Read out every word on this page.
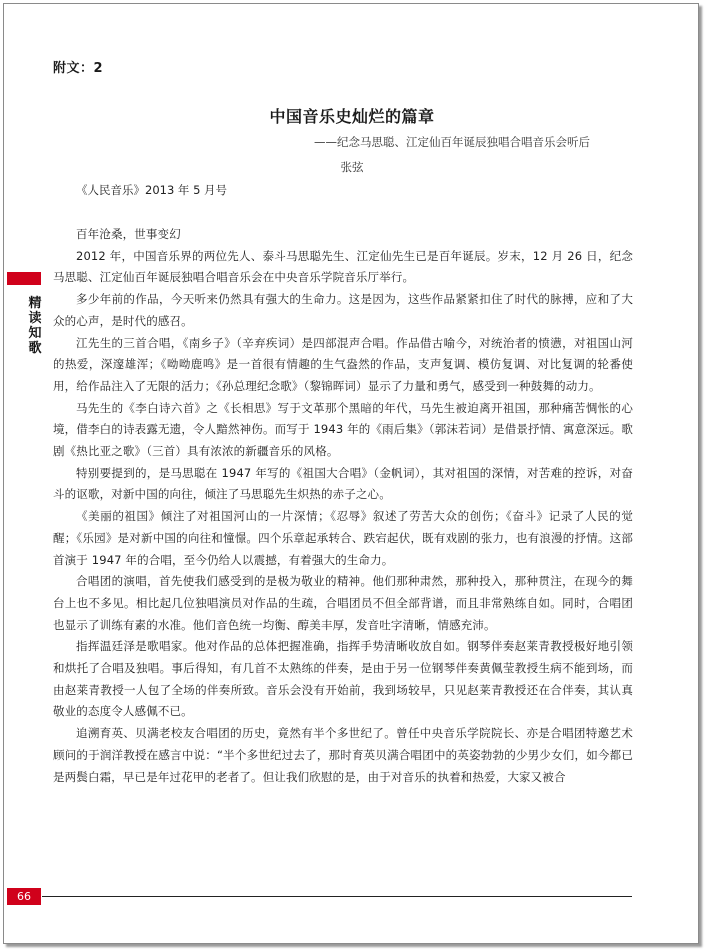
附文：2
中国音乐史灿烂的篇章
——纪念马思聪、江定仙百年诞辰独唱合唱音乐会听后
张弦
《人民音乐》2013 年 5 月号

百年沧桑，世事变幻

2012 年，中国音乐界的两位先人、泰斗马思聪先生、江定仙先生已是百年诞辰。岁末，12 月 26 日，纪念马思聪、江定仙百年诞辰独唱合唱音乐会在中央音乐学院音乐厅举行。

多少年前的作品，今天听来仍然具有强大的生命力。这是因为，这些作品紧紧扣住了时代的脉搏，应和了大众的心声，是时代的感召。

江先生的三首合唱，《南乡子》（辛弃疾词）是四部混声合唱。作品借古喻今，对统治者的愤懑，对祖国山河的热爱，深邃雄浑；《呦呦鹿鸣》是一首很有情趣的生气盎然的作品，支声复调、模仿复调、对比复调的轮番使用，给作品注入了无限的活力；《孙总理纪念歌》（黎锦晖词）显示了力量和勇气，感受到一种鼓舞的动力。

马先生的《李白诗六首》之《长相思》写于文革那个黑暗的年代，马先生被迫离开祖国，那种痛苦惆怅的心境，借李白的诗表露无遗，令人黯然神伤。而写于 1943 年的《雨后集》（郭沫若词）是借景抒情、寓意深远。歌剧《热比亚之歌》（三首）具有浓浓的新疆音乐的风格。

特别要提到的，是马思聪在 1947 年写的《祖国大合唱》（金帆词），其对祖国的深情，对苦难的控诉，对奋斗的讴歌，对新中国的向往，倾注了马思聪先生炽热的赤子之心。

《美丽的祖国》倾注了对祖国河山的一片深情；《忍辱》叙述了劳苦大众的创伤；《奋斗》记录了人民的觉醒；《乐园》是对新中国的向往和憧憬。四个乐章起承转合、跌宕起伏，既有戏剧的张力，也有浪漫的抒情。这部首演于 1947 年的合唱，至今仍给人以震撼，有着强大的生命力。

合唱团的演唱，首先使我们感受到的是极为敬业的精神。他们那种肃然，那种投入，那种贯注，在现今的舞台上也不多见。相比起几位独唱演员对作品的生疏，合唱团员不但全部背谱，而且非常熟练自如。同时，合唱团也显示了训练有素的水准。他们音色统一均衡、醇美丰厚，发音吐字清晰，情感充沛。

指挥温廷泽是歌唱家。他对作品的总体把握准确，指挥手势清晰收放自如。钢琴伴奏赵莱青教授极好地引领和烘托了合唱及独唱。事后得知，有几首不太熟练的伴奏，是由于另一位钢琴伴奏黄佩莹教授生病不能到场，而由赵莱青教授一人包了全场的伴奏所致。音乐会没有开始前，我到场较早，只见赵莱青教授还在合伴奏，其认真敬业的态度令人感佩不已。

追溯育英、贝满老校友合唱团的历史，竟然有半个多世纪了。曾任中央音乐学院院长、亦是合唱团特邀艺术顾问的于润洋教授在感言中说：“半个多世纪过去了，那时育英贝满合唱团中的英姿勃勃的少男少女们，如今都已是两鬓白霜，早已是年过花甲的老者了。但让我们欣慰的是，由于对音乐的执着和热爱，大家又被合

精
读
知
歌
66
